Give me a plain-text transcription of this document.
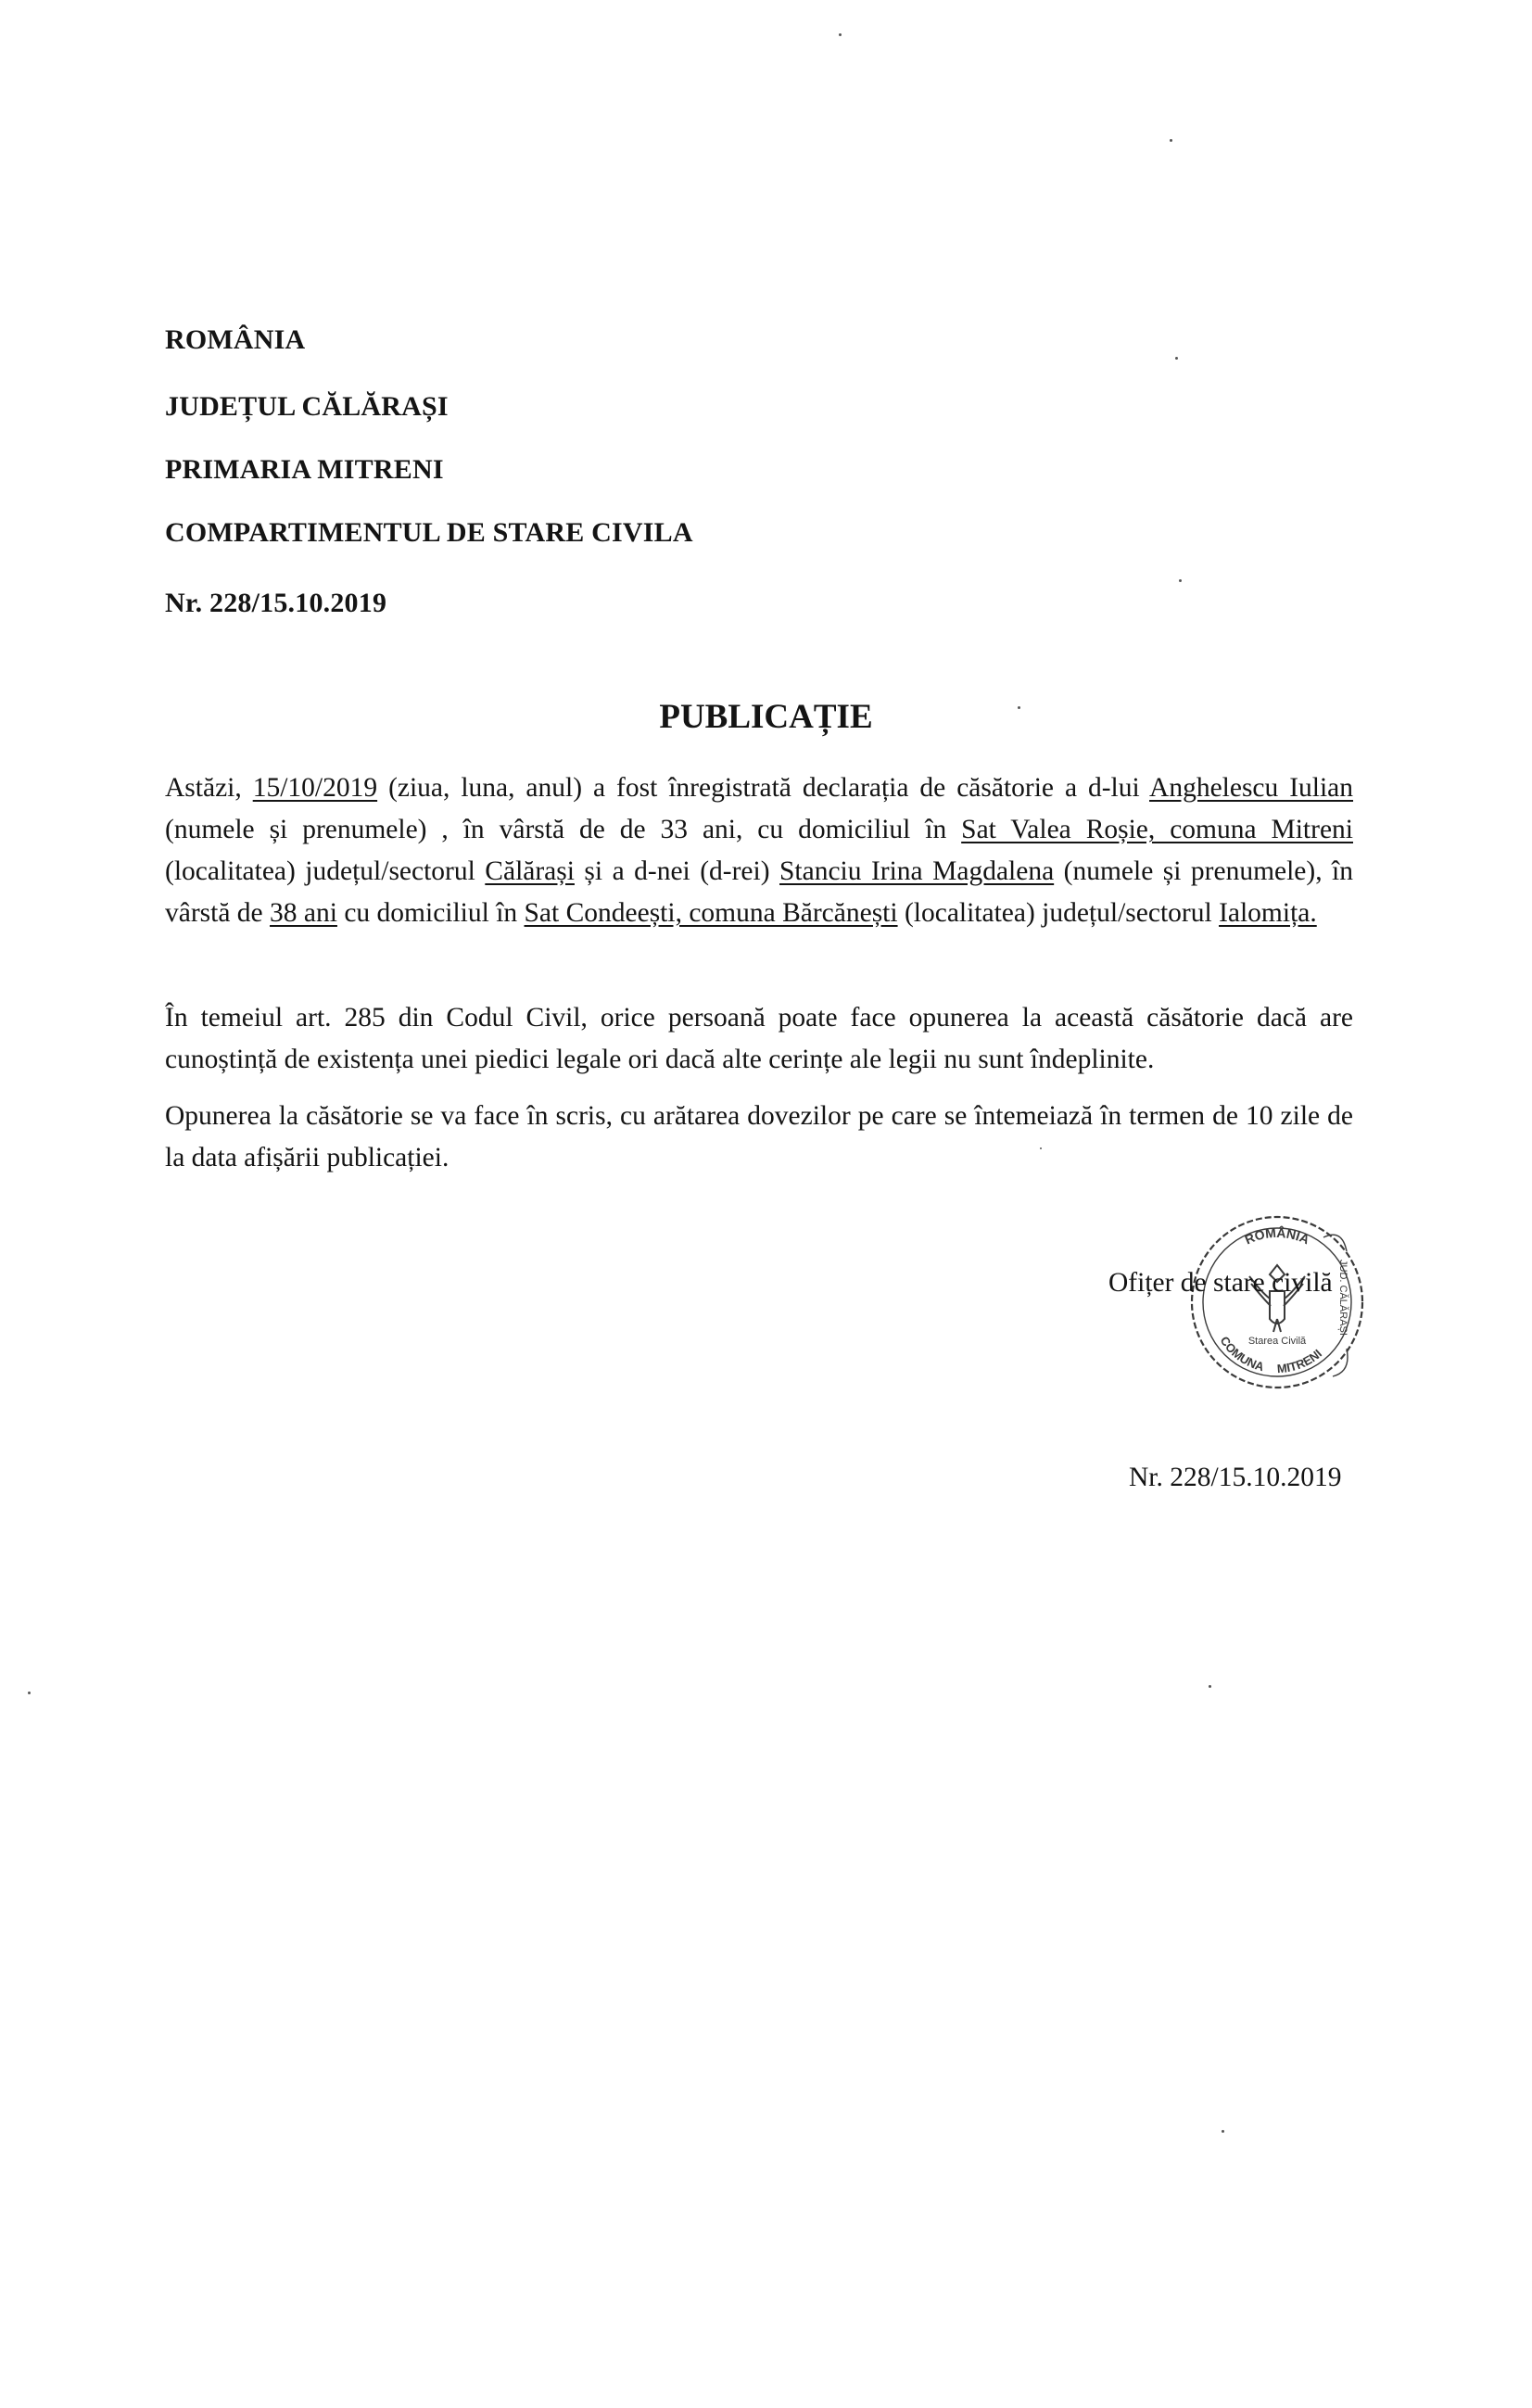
ROMÂNIA

JUDEȚUL CĂLĂRAȘI

PRIMARIA MITRENI

COMPARTIMENTUL DE STARE CIVILA

Nr. 228/15.10.2019

PUBLICAȚIE

Astăzi, 15/10/2019 (ziua, luna, anul) a fost înregistrată declarația de căsătorie a d-lui Anghelescu Iulian (numele și prenumele) , în vârstă de de 33 ani, cu domiciliul în Sat Valea Roșie, comuna Mitreni (localitatea) județul/sectorul Călărași și a d-nei (d-rei) Stanciu Irina Magdalena (numele și prenumele), în vârstă de 38 ani cu domiciliul în Sat Condeești, comuna Bărcănești (localitatea) județul/sectorul Ialomița.

În temeiul art. 285 din Codul Civil, orice persoană poate face opunerea la această căsătorie dacă are cunoștință de existența unei piedici legale ori dacă alte cerințe ale legii nu sunt îndeplinite.

Opunerea la căsătorie se va face în scris, cu arătarea dovezilor pe care se întemeiază în termen de 10 zile de la data afișării publicației.

ROMÂNIA
COMUNA MITRENI
JUD. CĂLĂRAȘI
Starea Civilă

Ofițer de stare civilă

Nr. 228/15.10.2019
